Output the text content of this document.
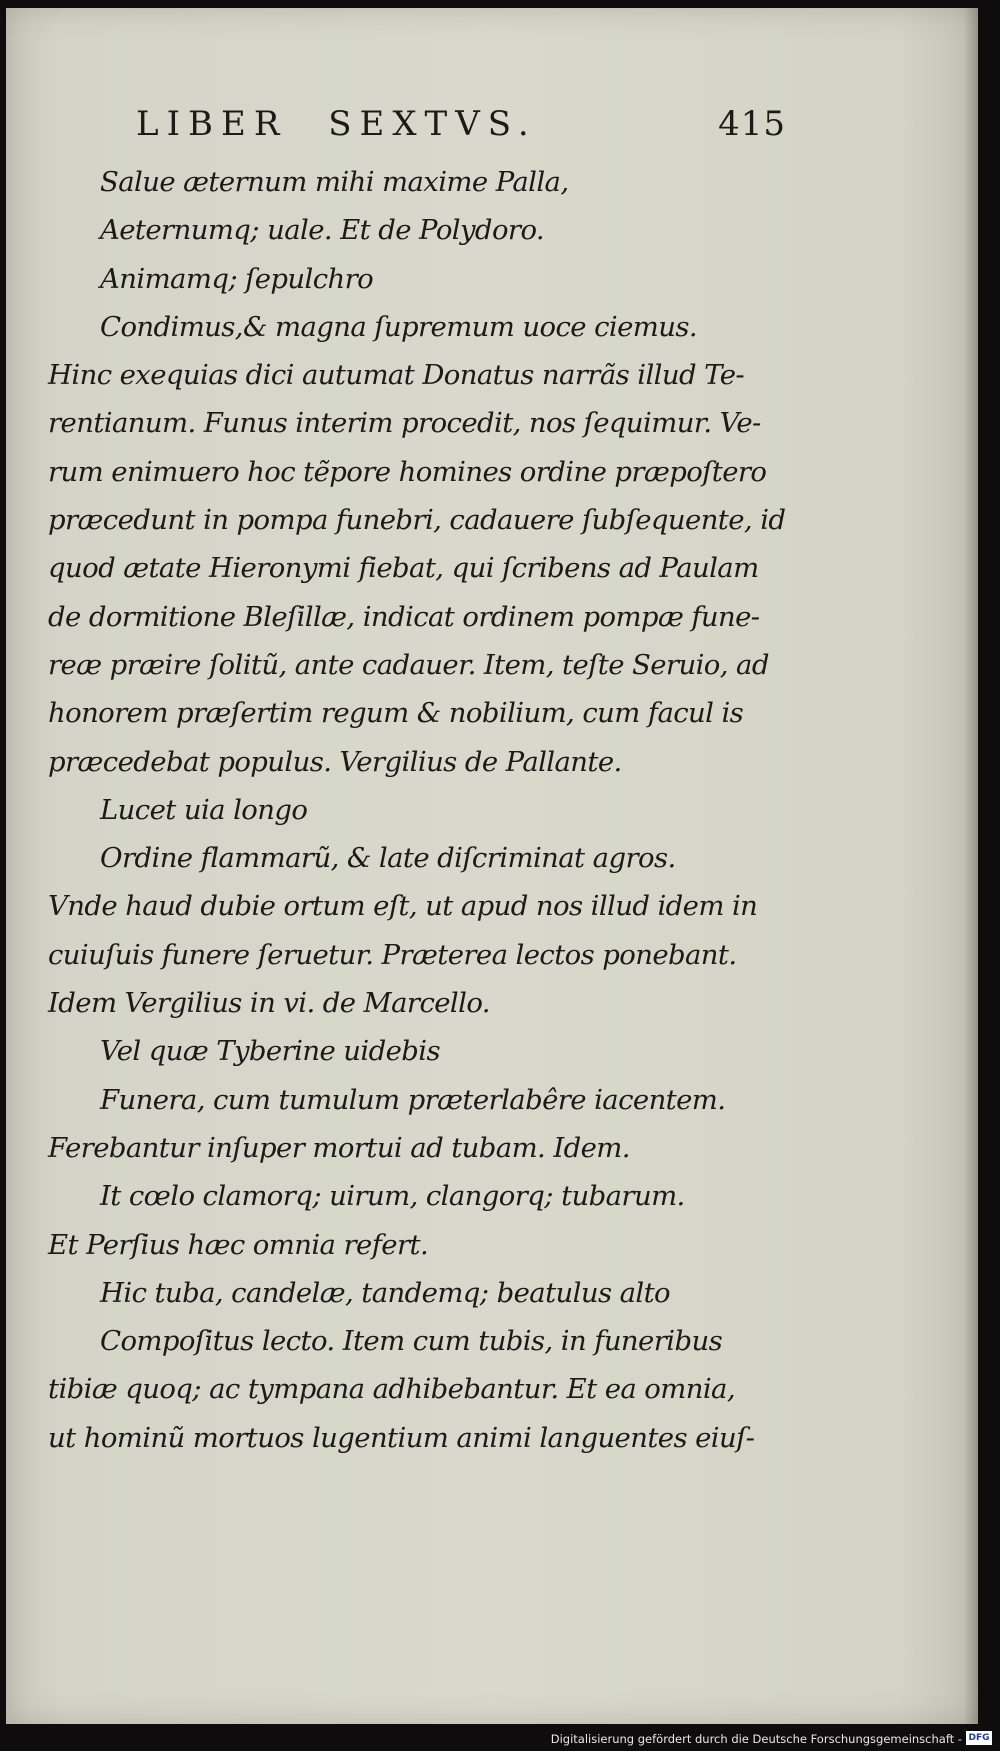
LIBER SEXTVS.	415
Salue æternum mihi maxime Palla,
Aeternumq; uale. Et de Polydoro.
Animamq; ſepulchro
Condimus,& magna ſupremum uoce ciemus.
Hinc exequias dici autumat Donatus narrãs illud Te-
rentianum. Funus interim procedit, nos ſequimur. Ve-
rum enimuero hoc tẽpore homines ordine præpoſtero
præcedunt in pompa funebri, cadauere ſubſequente, id
quod ætate Hieronymi fiebat, qui ſcribens ad Paulam
de dormitione Bleſillæ, indicat ordinem pompæ fune-
reæ præire ſolitũ, ante cadauer. Item, teſte Seruio, ad
honorem præſertim regum & nobilium, cum facul is
præcedebat populus. Vergilius de Pallante.
Lucet uia longo
Ordine flammarũ, & late diſcriminat agros.
Vnde haud dubie ortum eſt, ut apud nos illud idem in
cuiuſuis funere ſeruetur. Præterea lectos ponebant.
Idem Vergilius in vi. de Marcello.
Vel quæ Tyberine uidebis
Funera, cum tumulum præterlabêre iacentem.
Ferebantur inſuper mortui ad tubam. Idem.
It cœlo clamorq; uirum, clangorq; tubarum.
Et Perſius hæc omnia refert.
Hic tuba, candelæ, tandemq; beatulus alto
Compoſitus lecto. Item cum tubis, in funeribus
tibiæ quoq; ac tympana adhibebantur. Et ea omnia,
ut hominũ mortuos lugentium animi languentes eiuſ-
Digitalisierung gefördert durch die Deutsche Forschungsgemeinschaft - DFG
